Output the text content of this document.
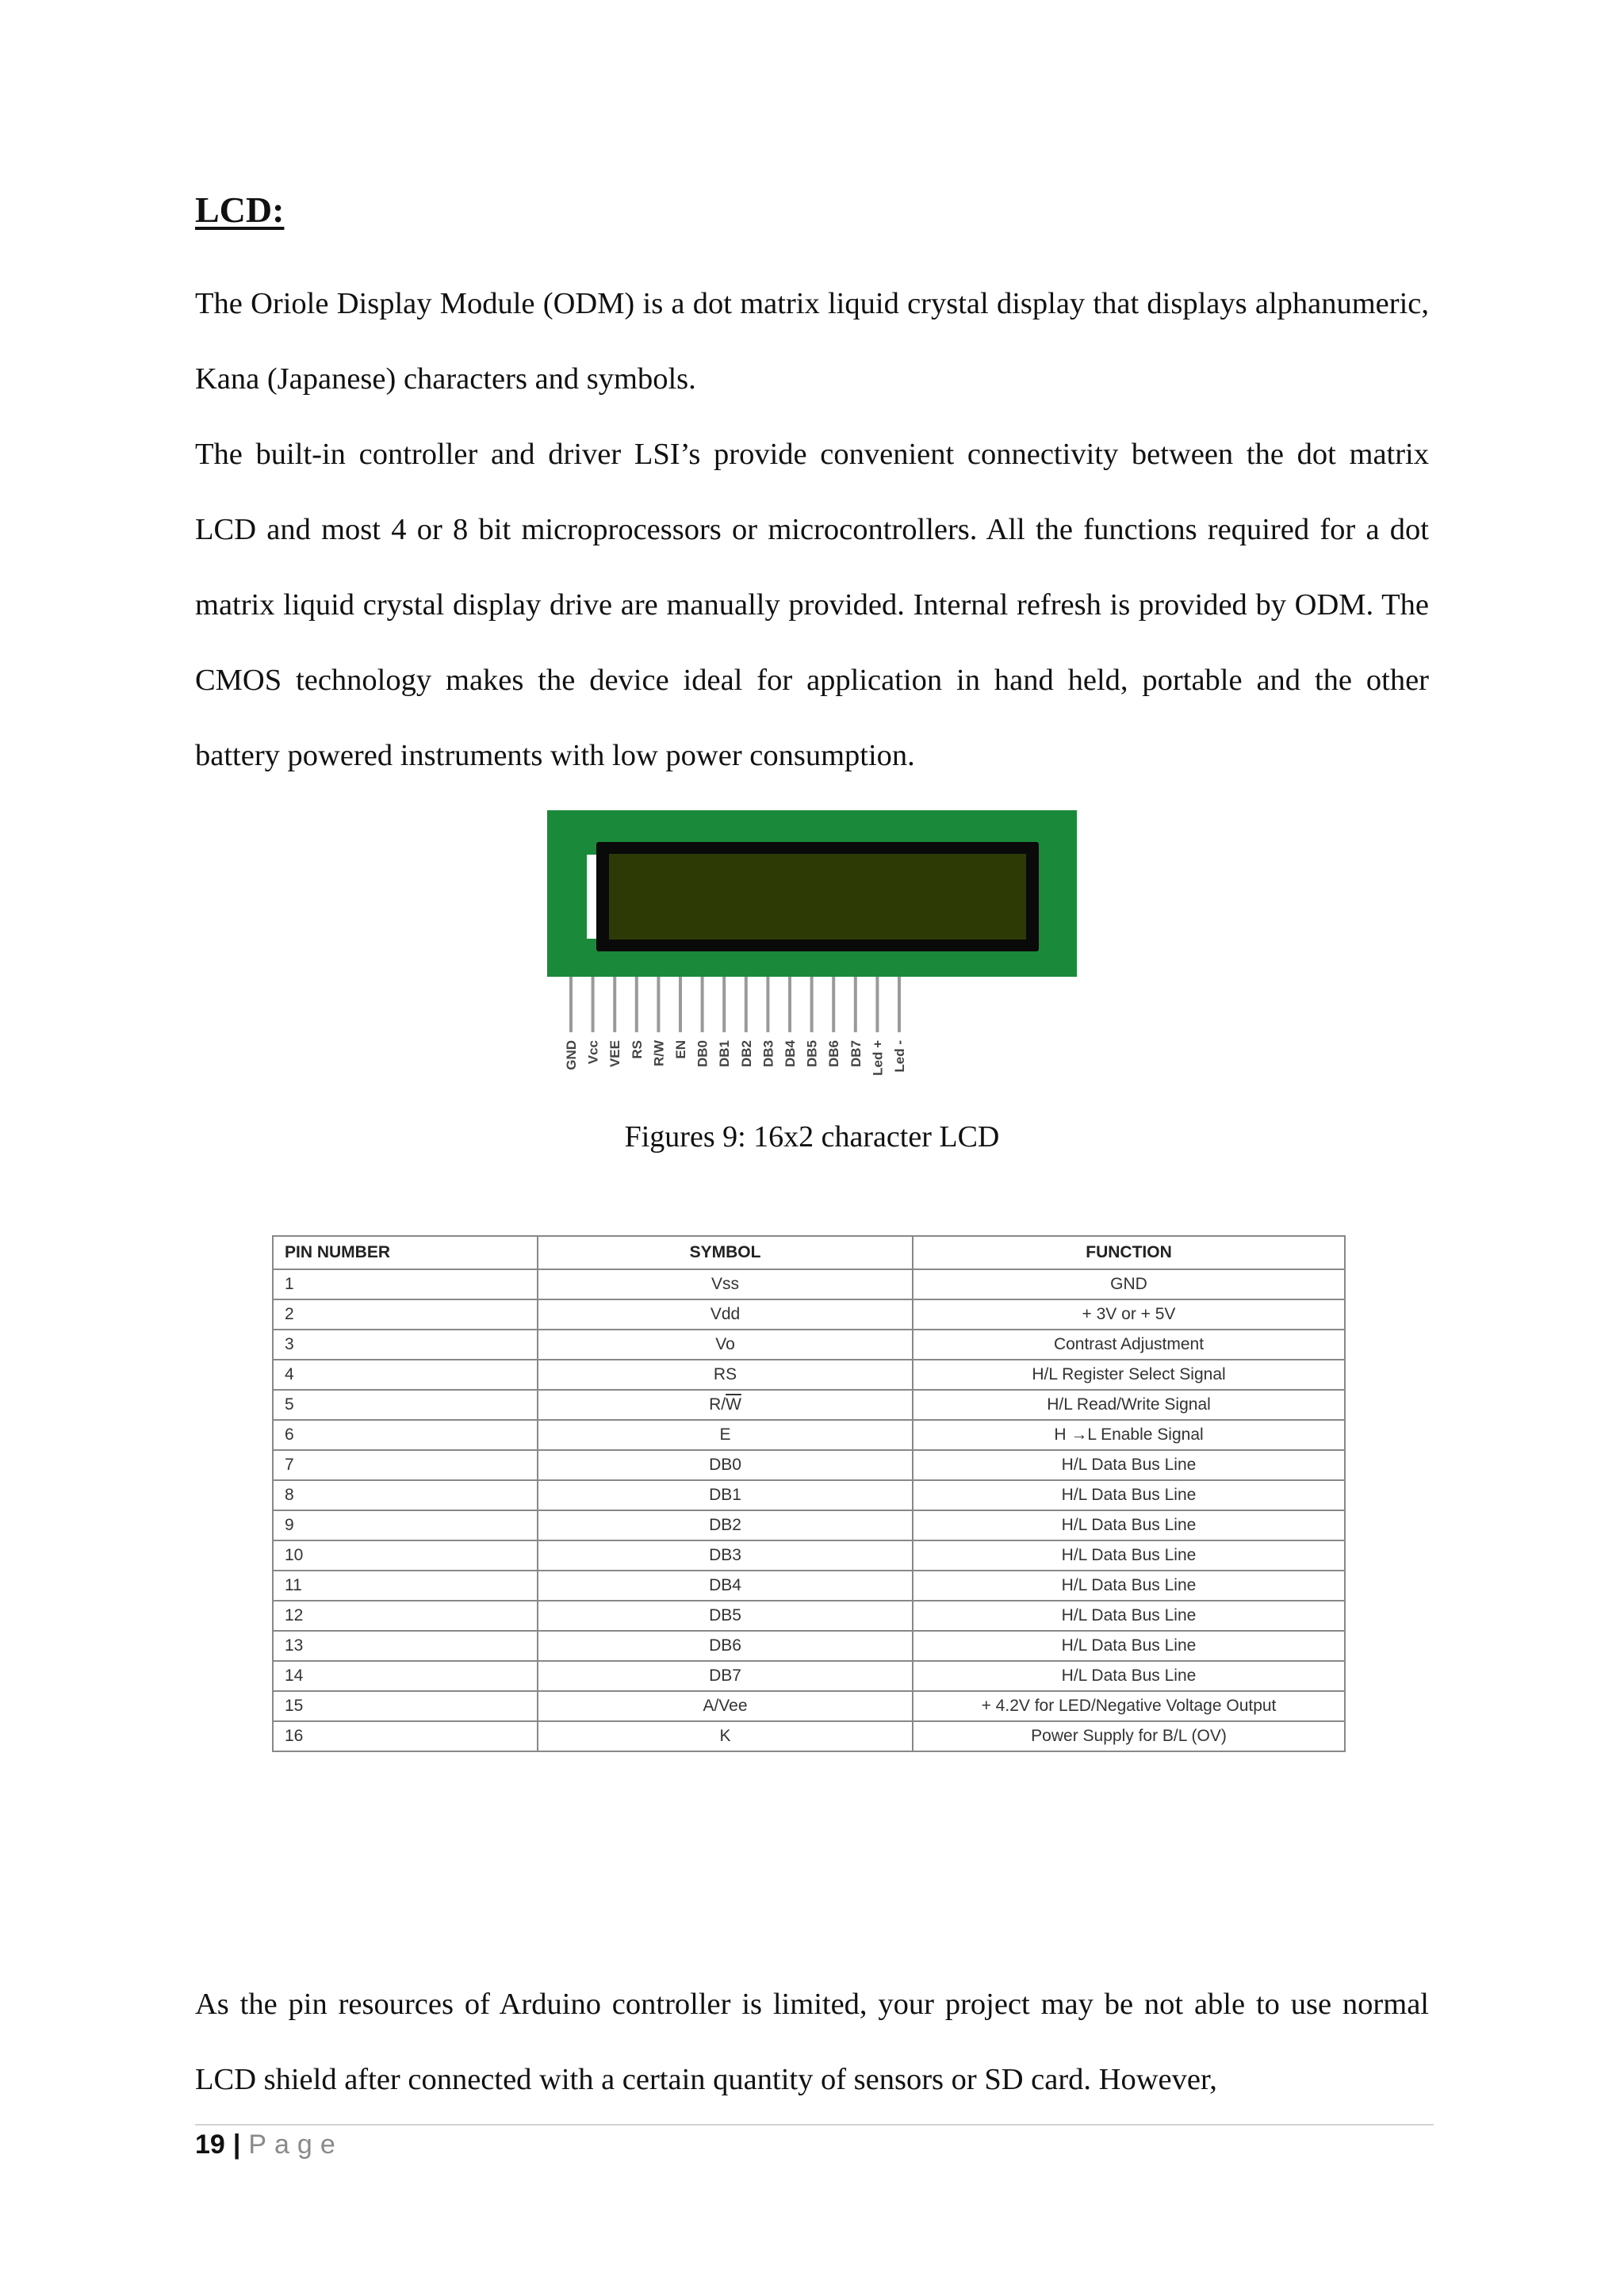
LCD:

The Oriole Display Module (ODM) is a dot matrix liquid crystal display that displays alphanumeric, Kana (Japanese) characters and symbols.

The built-in controller and driver LSI’s provide convenient connectivity between the dot matrix LCD and most 4 or 8 bit microprocessors or microcontrollers. All the functions required for a dot matrix liquid crystal display drive are manually provided. Internal refresh is provided by ODM. The CMOS technology makes the device ideal for application in hand held, portable and the other battery powered instruments with low power consumption.

GND Vcc VEE RS R/W EN DB0 DB1 DB2 DB3 DB4 DB5 DB6 DB7 Led + Led -

Figures 9: 16x2 character LCD

PIN NUMBER	SYMBOL	FUNCTION
1	Vss	GND
2	Vdd	+ 3V or + 5V
3	Vo	Contrast Adjustment
4	RS	H/L Register Select Signal
5	$R/\overline{W}$	H/L Read/Write Signal
6	E	H →L Enable Signal
7	DB0	H/L Data Bus Line
8	DB1	H/L Data Bus Line
9	DB2	H/L Data Bus Line
10	DB3	H/L Data Bus Line
11	DB4	H/L Data Bus Line
12	DB5	H/L Data Bus Line
13	DB6	H/L Data Bus Line
14	DB7	H/L Data Bus Line
15	A/Vee	+ 4.2V for LED/Negative Voltage Output
16	K	Power Supply for B/L (OV)

As the pin resources of Arduino controller is limited, your project may be not able to use normal LCD shield after connected with a certain quantity of sensors or SD card. However,

19 | Page
